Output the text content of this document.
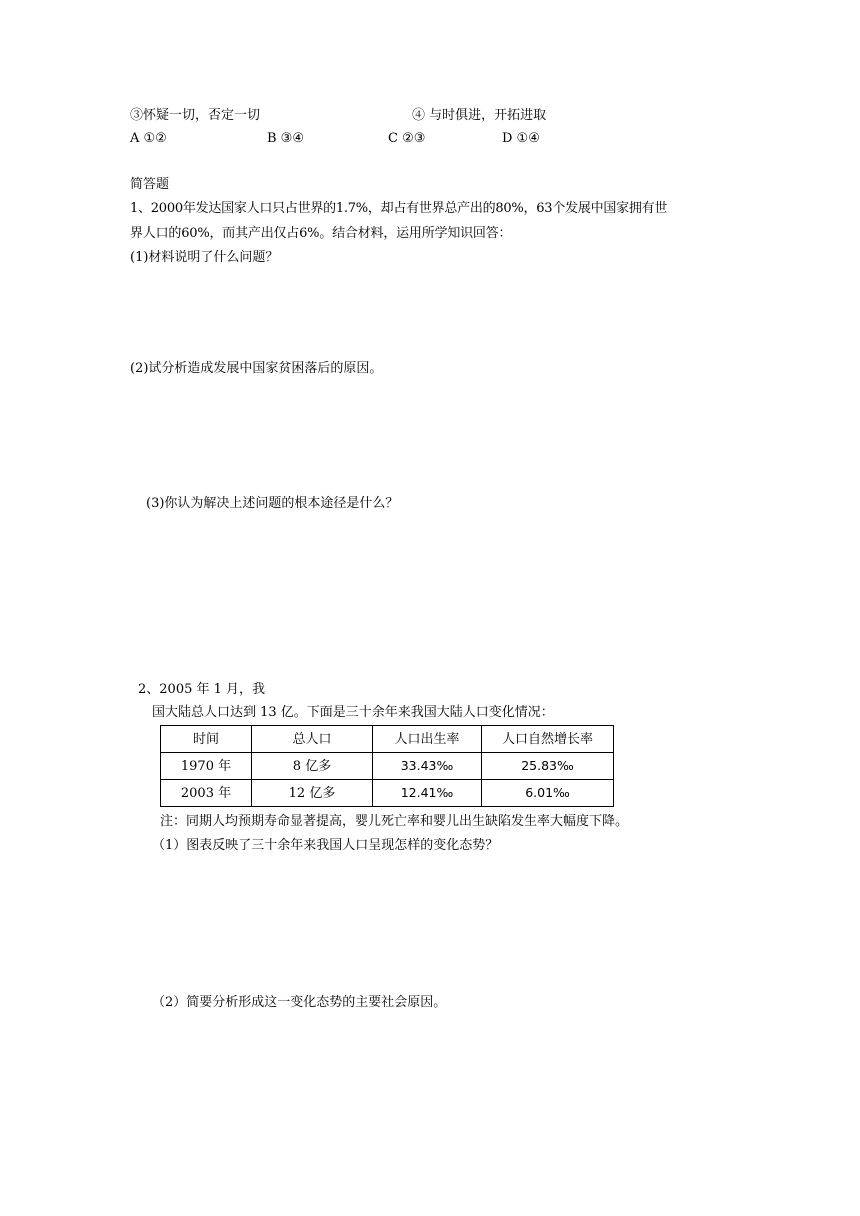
③怀疑一切，否定一切	④ 与时俱进，开拓进取
A ①②	B ③④	C ②③	D ①④
简答题
1、2000年发达国家人口只占世界的1.7%，却占有世界总产出的80%，63个发展中国家拥有世
界人口的60%，而其产出仅占6%。结合材料，运用所学知识回答：
(1)材料说明了什么问题？
(2)试分析造成发展中国家贫困落后的原因。
(3)你认为解决上述问题的根本途径是什么？
2、2005 年 1 月，我
国大陆总人口达到 13 亿。下面是三十余年来我国大陆人口变化情况：
时间	总人口	人口出生率	人口自然增长率
1970 年	8 亿多	33.43‰	25.83‰
2003 年	12 亿多	12.41‰	6.01‰
注：同期人均预期寿命显著提高，婴儿死亡率和婴儿出生缺陷发生率大幅度下降。
（1）图表反映了三十余年来我国人口呈现怎样的变化态势？
（2）简要分析形成这一变化态势的主要社会原因。
